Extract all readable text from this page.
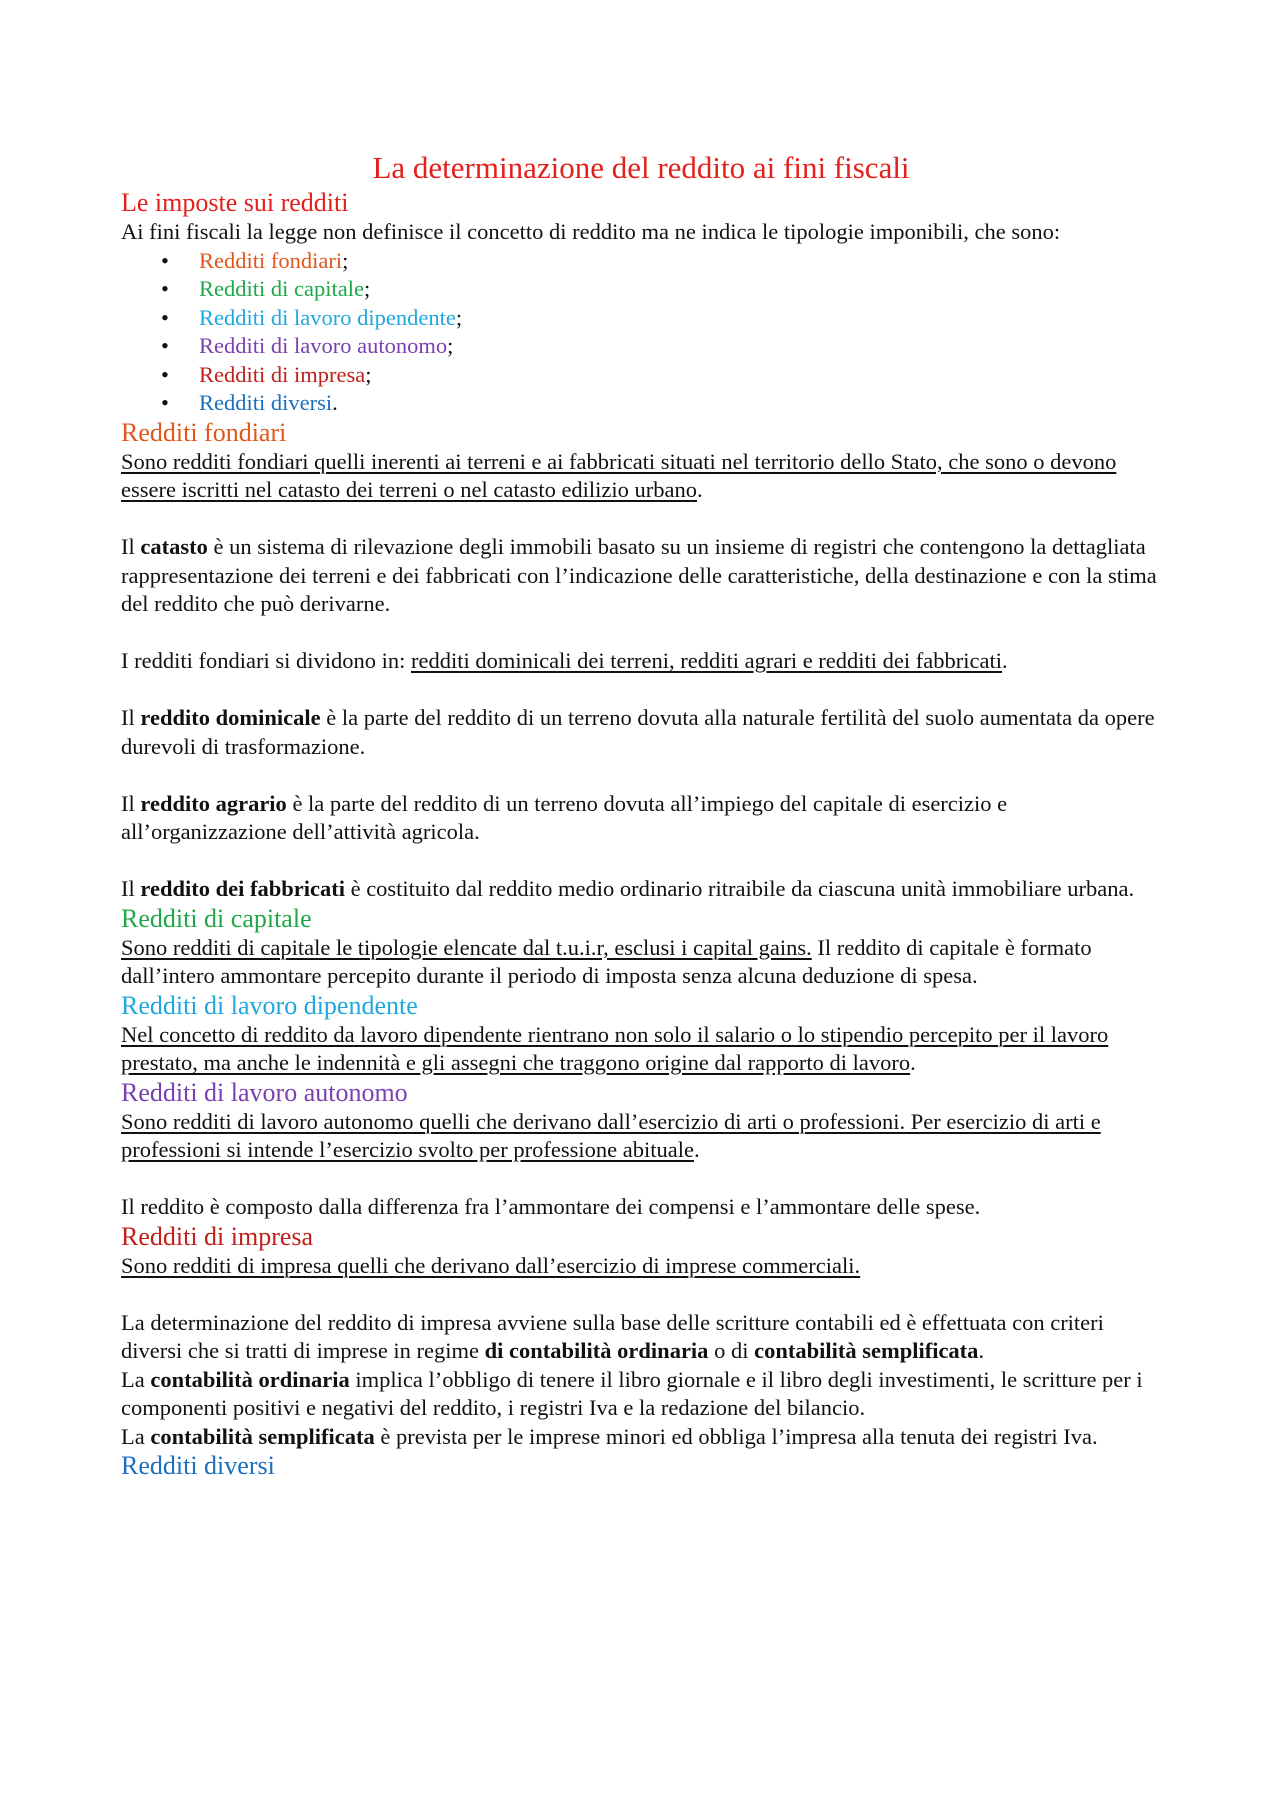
La determinazione del reddito ai fini fiscali
Le imposte sui redditi

Ai fini fiscali la legge non definisce il concetto di reddito ma ne indica le tipologie imponibili, che sono:

• Redditi fondiari;
• Redditi di capitale;
• Redditi di lavoro dipendente;
• Redditi di lavoro autonomo;
• Redditi di impresa;
• Redditi diversi.
Redditi fondiari

Sono redditi fondiari quelli inerenti ai terreni e ai fabbricati situati nel territorio dello Stato, che sono o devono essere iscritti nel catasto dei terreni o nel catasto edilizio urbano.

Il catasto è un sistema di rilevazione degli immobili basato su un insieme di registri che contengono la dettagliata rappresentazione dei terreni e dei fabbricati con l’indicazione delle caratteristiche, della destinazione e con la stima del reddito che può derivarne.

I redditi fondiari si dividono in: redditi dominicali dei terreni, redditi agrari e redditi dei fabbricati.

Il reddito dominicale è la parte del reddito di un terreno dovuta alla naturale fertilità del suolo aumentata da opere durevoli di trasformazione.

Il reddito agrario è la parte del reddito di un terreno dovuta all’impiego del capitale di esercizio e all’organizzazione dell’attività agricola.

Il reddito dei fabbricati è costituito dal reddito medio ordinario ritraibile da ciascuna unità immobiliare urbana.

Redditi di capitale

Sono redditi di capitale le tipologie elencate dal t.u.i.r, esclusi i capital gains. Il reddito di capitale è formato dall’intero ammontare percepito durante il periodo di imposta senza alcuna deduzione di spesa.

Redditi di lavoro dipendente

Nel concetto di reddito da lavoro dipendente rientrano non solo il salario o lo stipendio percepito per il lavoro prestato, ma anche le indennità e gli assegni che traggono origine dal rapporto di lavoro.

Redditi di lavoro autonomo

Sono redditi di lavoro autonomo quelli che derivano dall’esercizio di arti o professioni. Per esercizio di arti e professioni si intende l’esercizio svolto per professione abituale.

Il reddito è composto dalla differenza fra l’ammontare dei compensi e l’ammontare delle spese.

Redditi di impresa

Sono redditi di impresa quelli che derivano dall’esercizio di imprese commerciali.

La determinazione del reddito di impresa avviene sulla base delle scritture contabili ed è effettuata con criteri diversi che si tratti di imprese in regime di contabilità ordinaria o di contabilità semplificata.

La contabilità ordinaria implica l’obbligo di tenere il libro giornale e il libro degli investimenti, le scritture per i componenti positivi e negativi del reddito, i registri Iva e la redazione del bilancio.

La contabilità semplificata è prevista per le imprese minori ed obbliga l’impresa alla tenuta dei registri Iva.

Redditi diversi
